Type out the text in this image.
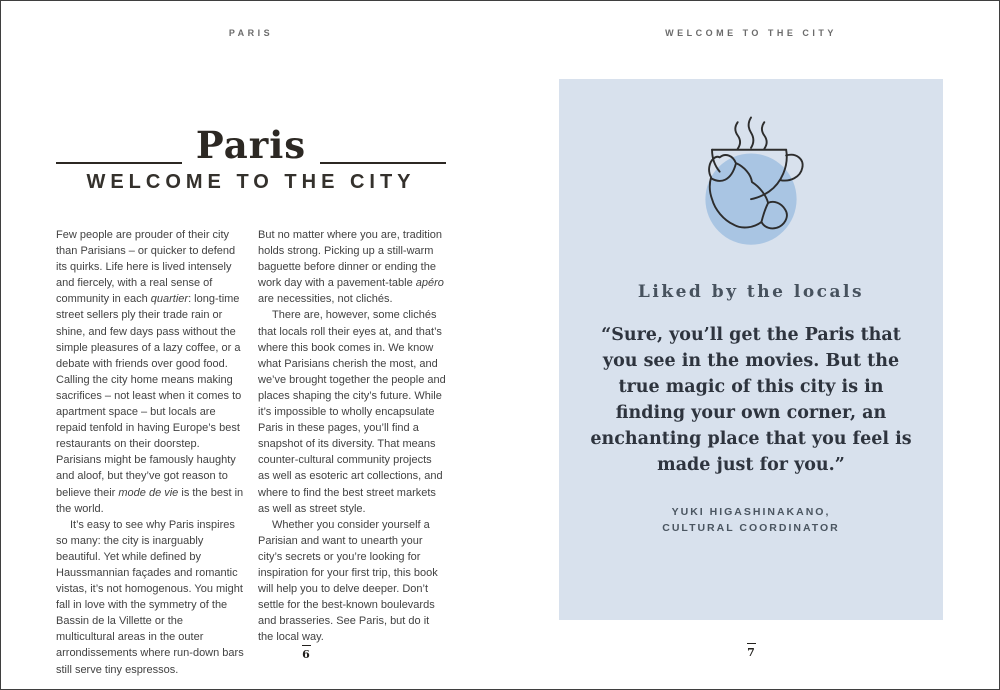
PARIS	WELCOME TO THE CITY
Paris
WELCOME TO THE CITY

Few people are prouder of their city than Parisians – or quicker to defend its quirks. Life here is lived intensely and fiercely, with a real sense of community in each quartier: long-time street sellers ply their trade rain or shine, and few days pass without the simple pleasures of a lazy coffee, or a debate with friends over good food. Calling the city home means making sacrifices – not least when it comes to apartment space – but locals are repaid tenfold in having Europe’s best restaurants on their doorstep. Parisians might be famously haughty and aloof, but they’ve got reason to believe their mode de vie is the best in the world.

It’s easy to see why Paris inspires so many: the city is inarguably beautiful. Yet while defined by Haussmannian façades and romantic vistas, it’s not homogenous. You might fall in love with the symmetry of the Bassin de la Villette or the multicultural areas in the outer arrondissements where run-down bars still serve tiny espressos.

But no matter where you are, tradition holds strong. Picking up a still-warm baguette before dinner or ending the work day with a pavement-table apéro are necessities, not clichés.

There are, however, some clichés that locals roll their eyes at, and that’s where this book comes in. We know what Parisians cherish the most, and we’ve brought together the people and places shaping the city’s future. While it’s impossible to wholly encapsulate Paris in these pages, you’ll find a snapshot of its diversity. That means counter-cultural community projects as well as esoteric art collections, and where to find the best street markets as well as street style.

Whether you consider yourself a Parisian and want to unearth your city’s secrets or you’re looking for inspiration for your first trip, this book will help you to delve deeper. Don’t settle for the best-known boulevards and brasseries. See Paris, but do it the local way.

6
Liked by the locals
“Sure, you’ll get the Paris that you see in the movies. But the true magic of this city is in finding your own corner, an enchanting place that you feel is made just for you.”
YUKI HIGASHINAKANO,
CULTURAL COORDINATOR
7
